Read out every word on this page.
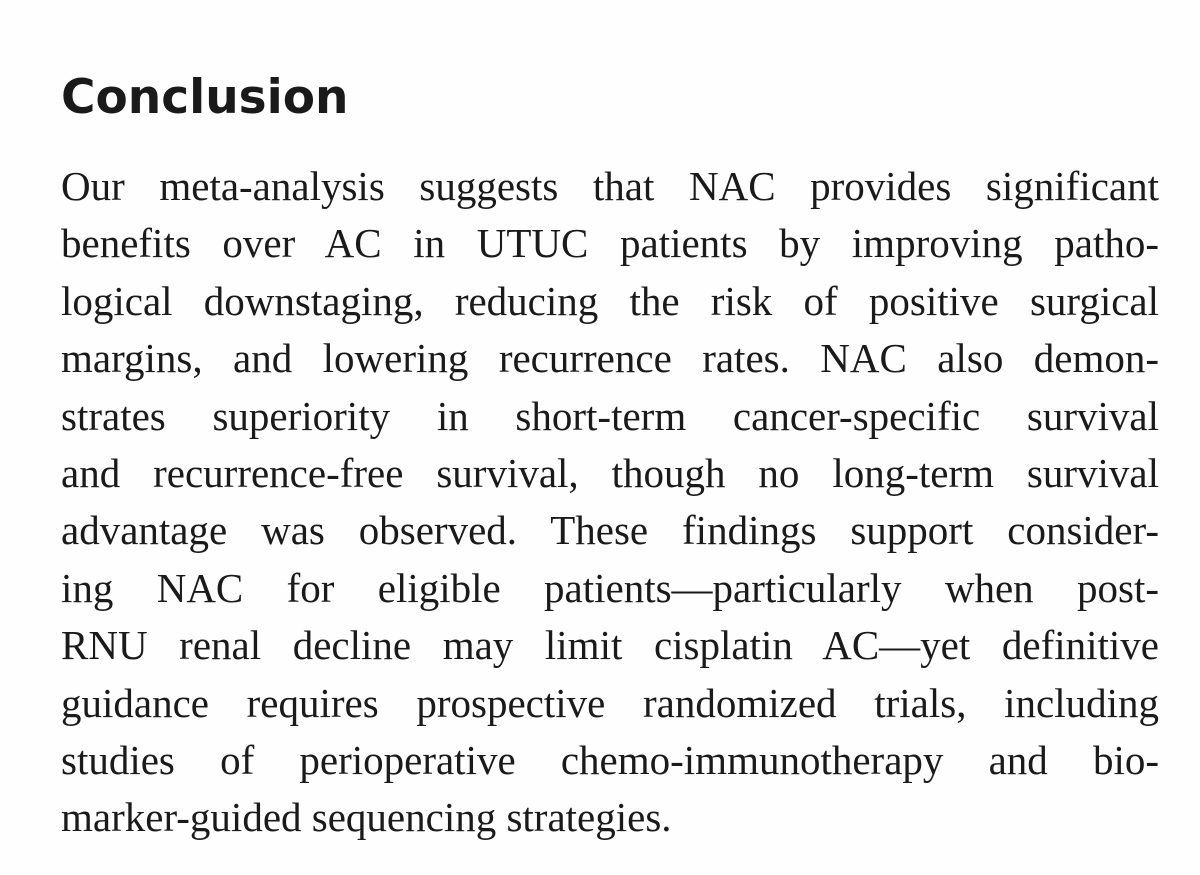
Conclusion
Our meta-analysis suggests that NAC provides significant
benefits over AC in UTUC patients by improving patho-
logical downstaging, reducing the risk of positive surgical
margins, and lowering recurrence rates. NAC also demon-
strates superiority in short-term cancer-specific survival
and recurrence-free survival, though no long-term survival
advantage was observed. These findings support consider-
ing NAC for eligible patients—particularly when post-
RNU renal decline may limit cisplatin AC—yet definitive
guidance requires prospective randomized trials, including
studies of perioperative chemo-immunotherapy and bio-
marker-guided sequencing strategies.
